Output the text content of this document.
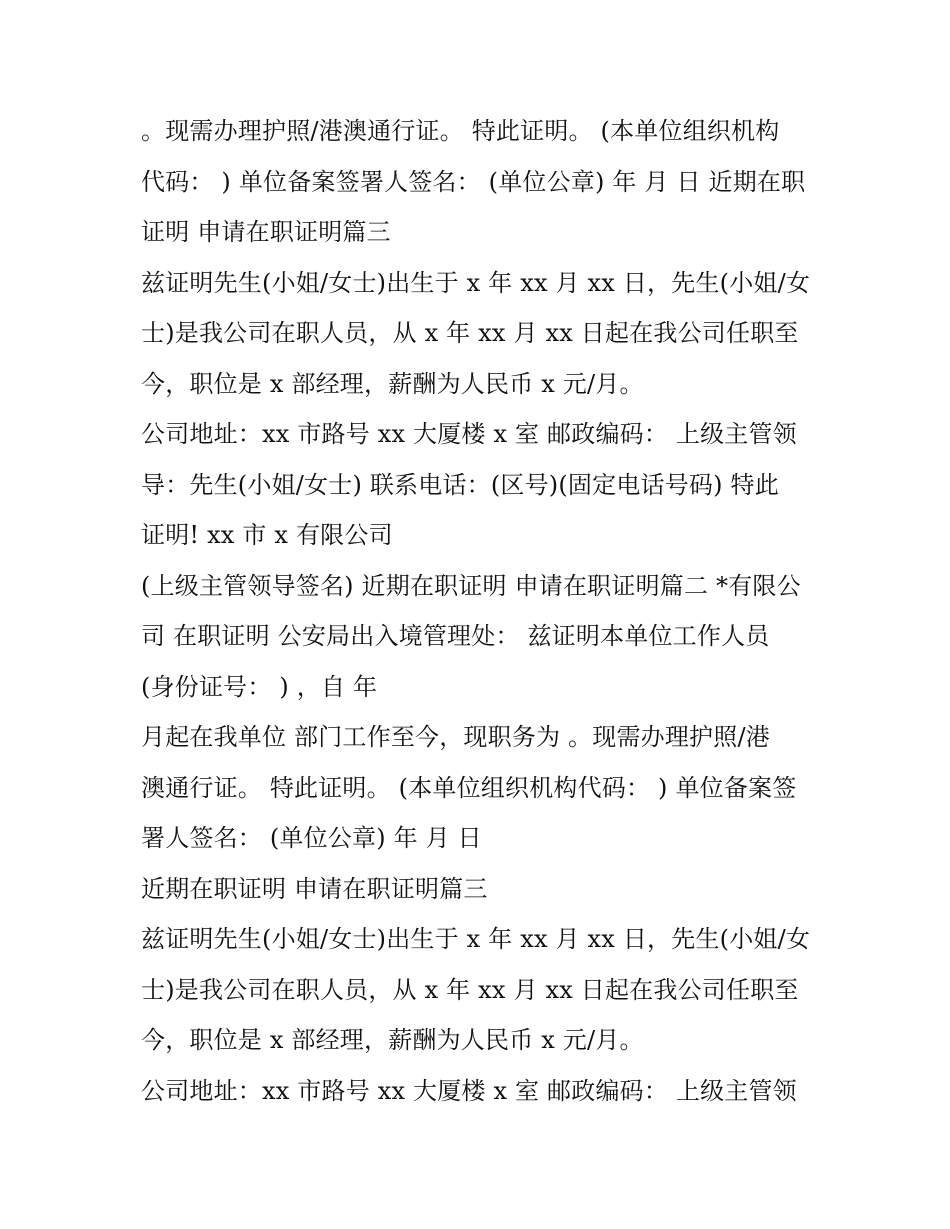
。现需办理护照/港澳通行证。 特此证明。 (本单位组织机构
代码： ) 单位备案签署人签名： (单位公章) 年 月 日 近期在职
证明 申请在职证明篇三
兹证明先生(小姐/女士)出生于 x 年 xx 月 xx 日，先生(小姐/女
士)是我公司在职人员，从 x 年 xx 月 xx 日起在我公司任职至
今，职位是 x 部经理，薪酬为人民币 x 元/月。
公司地址：xx 市路号 xx 大厦楼 x 室 邮政编码： 上级主管领
导：先生(小姐/女士) 联系电话：(区号)(固定电话号码) 特此
证明! xx 市 x 有限公司
(上级主管领导签名) 近期在职证明 申请在职证明篇二 *有限公
司 在职证明 公安局出入境管理处： 兹证明本单位工作人员
(身份证号： ) ，自 年
月起在我单位 部门工作至今，现职务为 。现需办理护照/港
澳通行证。 特此证明。 (本单位组织机构代码： ) 单位备案签
署人签名： (单位公章) 年 月 日
近期在职证明 申请在职证明篇三
兹证明先生(小姐/女士)出生于 x 年 xx 月 xx 日，先生(小姐/女
士)是我公司在职人员，从 x 年 xx 月 xx 日起在我公司任职至
今，职位是 x 部经理，薪酬为人民币 x 元/月。
公司地址：xx 市路号 xx 大厦楼 x 室 邮政编码： 上级主管领
